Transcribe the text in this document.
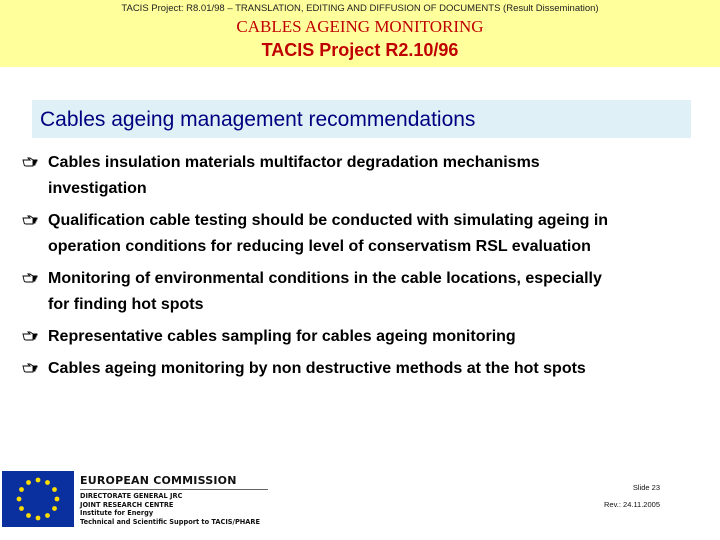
TACIS Project: R8.01/98 – TRANSLATION, EDITING AND DIFFUSION OF DOCUMENTS (Result Dissemination)
CABLES AGEING MONITORING
TACIS Project R2.10/96
Cables ageing management recommendations
Cables insulation materials multifactor degradation mechanisms
investigation
Qualification cable testing should be conducted with simulating ageing in
operation conditions for reducing level of conservatism RSL evaluation
Monitoring of environmental conditions in the cable locations, especially
for finding hot spots
Representative cables sampling for cables ageing monitoring
Cables ageing monitoring by non destructive methods at the hot spots
EUROPEAN COMMISSION
DIRECTORATE GENERAL JRC
JOINT RESEARCH CENTRE
Institute for Energy
Technical and Scientific Support to TACIS/PHARE
Slide 23
Rev.: 24.11.2005
